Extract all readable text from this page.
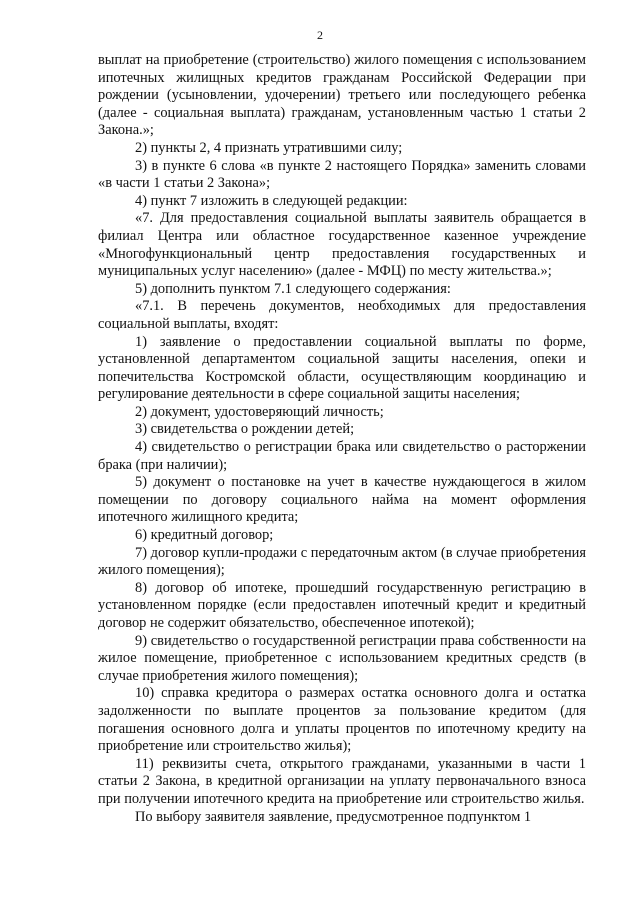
2

выплат на приобретение (строительство) жилого помещения с использованием ипотечных жилищных кредитов гражданам Российской Федерации при рождении (усыновлении, удочерении) третьего или последующего ребенка (далее - социальная выплата) гражданам, установленным частью 1 статьи 2 Закона.»;

2) пункты 2, 4 признать утратившими силу;

3) в пункте 6 слова «в пункте 2 настоящего Порядка» заменить словами «в части 1 статьи 2 Закона»;

4) пункт 7 изложить в следующей редакции:

«7. Для предоставления социальной выплаты заявитель обращается в филиал Центра или областное государственное казенное учреждение «Многофункциональный центр предоставления государственных и муниципальных услуг населению» (далее - МФЦ) по месту жительства.»;

5) дополнить пунктом 7.1 следующего содержания:

«7.1. В перечень документов, необходимых для предоставления социальной выплаты, входят:

1) заявление о предоставлении социальной выплаты по форме, установленной департаментом социальной защиты населения, опеки и попечительства Костромской области, осуществляющим координацию и регулирование деятельности в сфере социальной защиты населения;

2) документ, удостоверяющий личность;

3) свидетельства о рождении детей;

4) свидетельство о регистрации брака или свидетельство о расторжении брака (при наличии);

5) документ о постановке на учет в качестве нуждающегося в жилом помещении по договору социального найма на момент оформления ипотечного жилищного кредита;

6) кредитный договор;

7) договор купли-продажи с передаточным актом (в случае приобретения жилого помещения);

8) договор об ипотеке, прошедший государственную регистрацию в установленном порядке (если предоставлен ипотечный кредит и кредитный договор не содержит обязательство, обеспеченное ипотекой);

9) свидетельство о государственной регистрации права собственности на жилое помещение, приобретенное с использованием кредитных средств (в случае приобретения жилого помещения);

10) справка кредитора о размерах остатка основного долга и остатка задолженности по выплате процентов за пользование кредитом (для погашения основного долга и уплаты процентов по ипотечному кредиту на приобретение или строительство жилья);

11) реквизиты счета, открытого гражданами, указанными в части 1 статьи 2 Закона, в кредитной организации на уплату первоначального взноса при получении ипотечного кредита на приобретение или строительство жилья.

По выбору заявителя заявление, предусмотренное подпунктом 1
